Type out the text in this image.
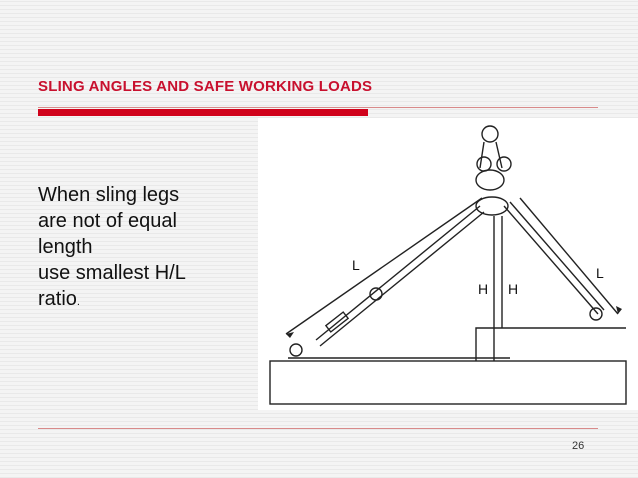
SLING ANGLES AND SAFE WORKING LOADS
When sling legs
are not of equal
length
use smallest H/L
ratio.
L	L
H H
26
